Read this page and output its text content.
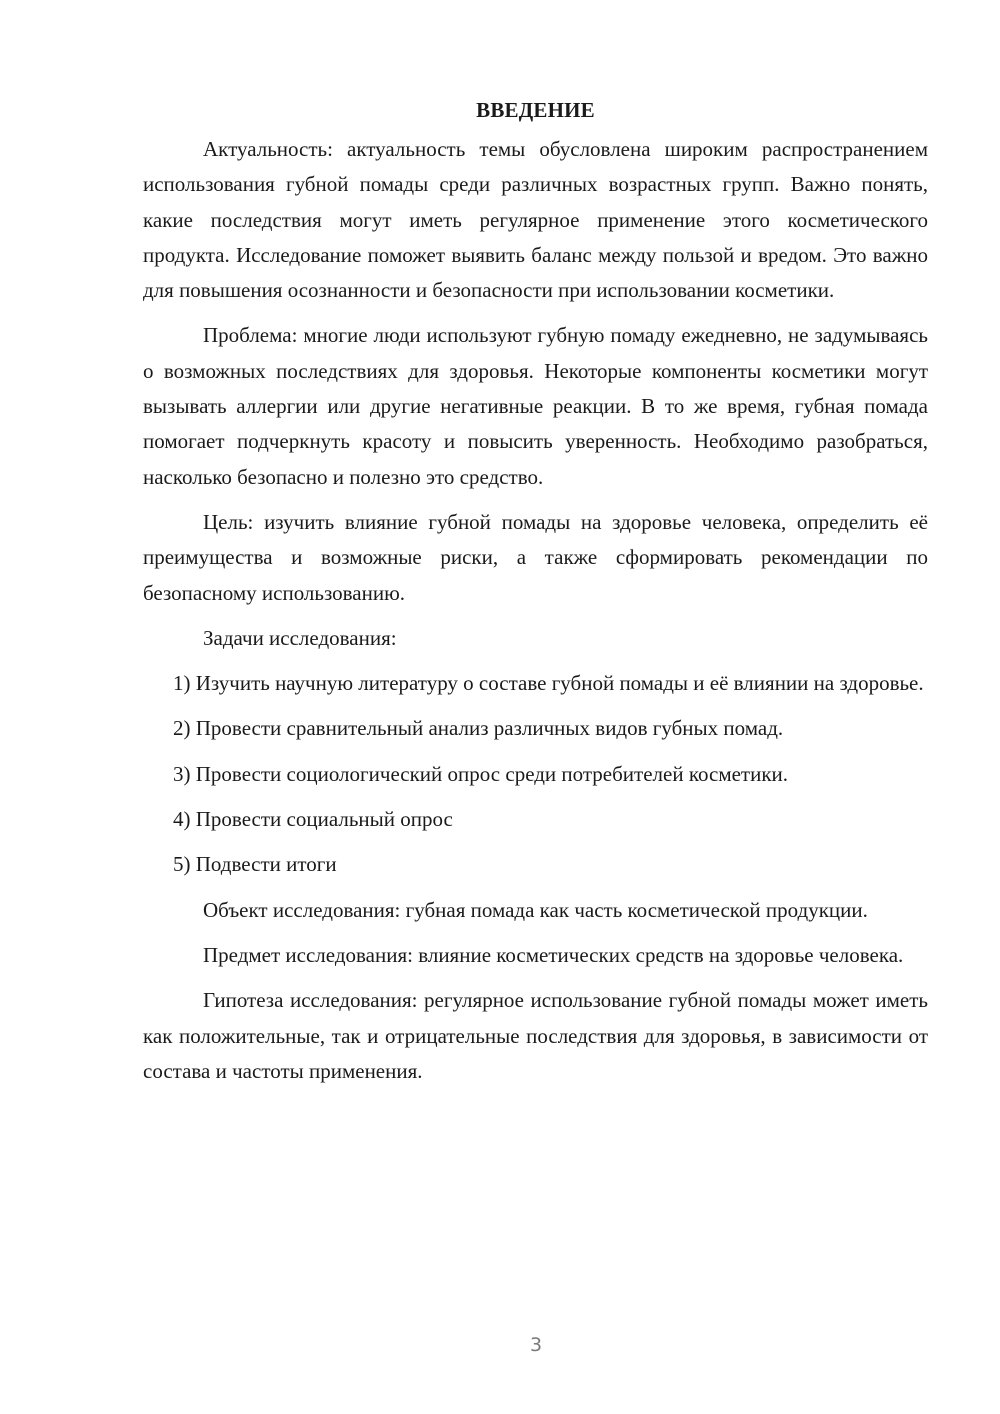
ВВЕДЕНИЕ

Актуальность: актуальность темы обусловлена широким распространением использования губной помады среди различных возрастных групп. Важно понять, какие последствия могут иметь регулярное применение этого косметического продукта. Исследование поможет выявить баланс между пользой и вредом. Это важно для повышения осознанности и безопасности при использовании косметики.

Проблема: многие люди используют губную помаду ежедневно, не задумываясь о возможных последствиях для здоровья. Некоторые компоненты косметики могут вызывать аллергии или другие негативные реакции. В то же время, губная помада помогает подчеркнуть красоту и повысить уверенность. Необходимо разобраться, насколько безопасно и полезно это средство.

Цель: изучить влияние губной помады на здоровье человека, определить её преимущества и возможные риски, а также сформировать рекомендации по безопасному использованию.

Задачи исследования:

1) Изучить научную литературу о составе губной помады и её влиянии на здоровье.

2) Провести сравнительный анализ различных видов губных помад.

3) Провести социологический опрос среди потребителей косметики.

4) Провести социальный опрос

5) Подвести итоги

Объект исследования: губная помада как часть косметической продукции.

Предмет исследования: влияние косметических средств на здоровье человека.

Гипотеза исследования: регулярное использование губной помады может иметь как положительные, так и отрицательные последствия для здоровья, в зависимости от состава и частоты применения.

3
